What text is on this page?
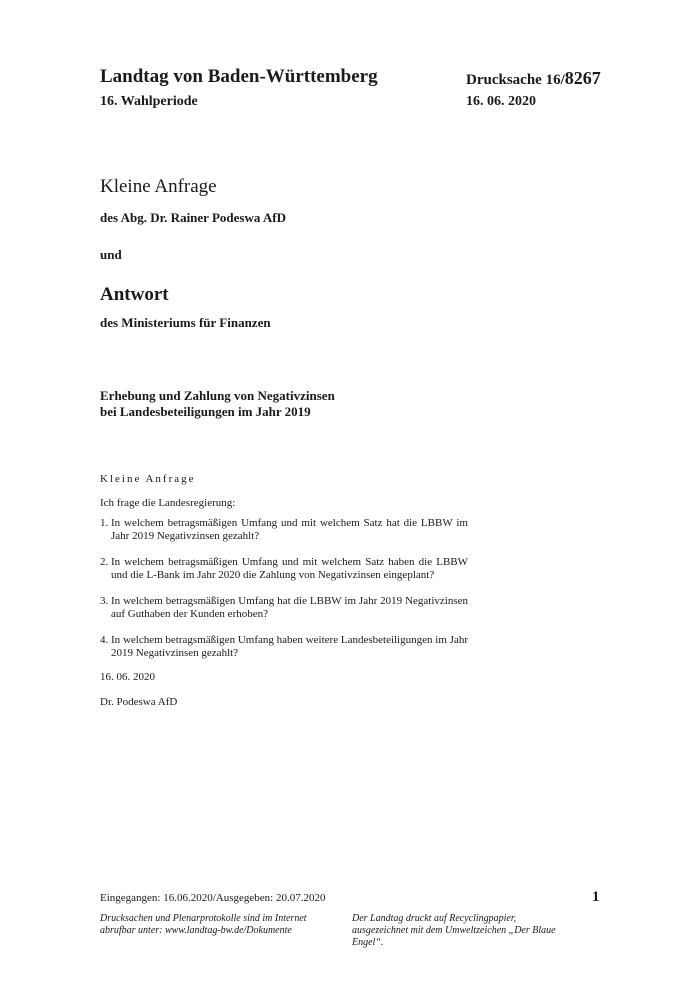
Landtag von Baden-Württemberg
16. Wahlperiode
Drucksache 16/8267
16. 06. 2020
Kleine Anfrage
des Abg. Dr. Rainer Podeswa AfD
und
Antwort
des Ministeriums für Finanzen
Erhebung und Zahlung von Negativzinsen
bei Landesbeteiligungen im Jahr 2019
Kleine Anfrage
Ich frage die Landesregierung:
1. In welchem betragsmäßigen Umfang und mit welchem Satz hat die LBBW im Jahr 2019 Negativzinsen gezahlt?
2. In welchem betragsmäßigen Umfang und mit welchem Satz haben die LBBW und die L-Bank im Jahr 2020 die Zahlung von Negativzinsen eingeplant?
3. In welchem betragsmäßigen Umfang hat die LBBW im Jahr 2019 Negativzinsen auf Guthaben der Kunden erhoben?
4. In welchem betragsmäßigen Umfang haben weitere Landesbeteiligungen im Jahr 2019 Negativzinsen gezahlt?
16. 06. 2020
Dr. Podeswa AfD
Eingegangen: 16.06.2020/Ausgegeben: 20.07.2020	1
Drucksachen und Plenarprotokolle sind im Internet abrufbar unter: www.landtag-bw.de/Dokumente
Der Landtag druckt auf Recyclingpapier, ausgezeichnet mit dem Umweltzeichen „Der Blaue Engel“.
